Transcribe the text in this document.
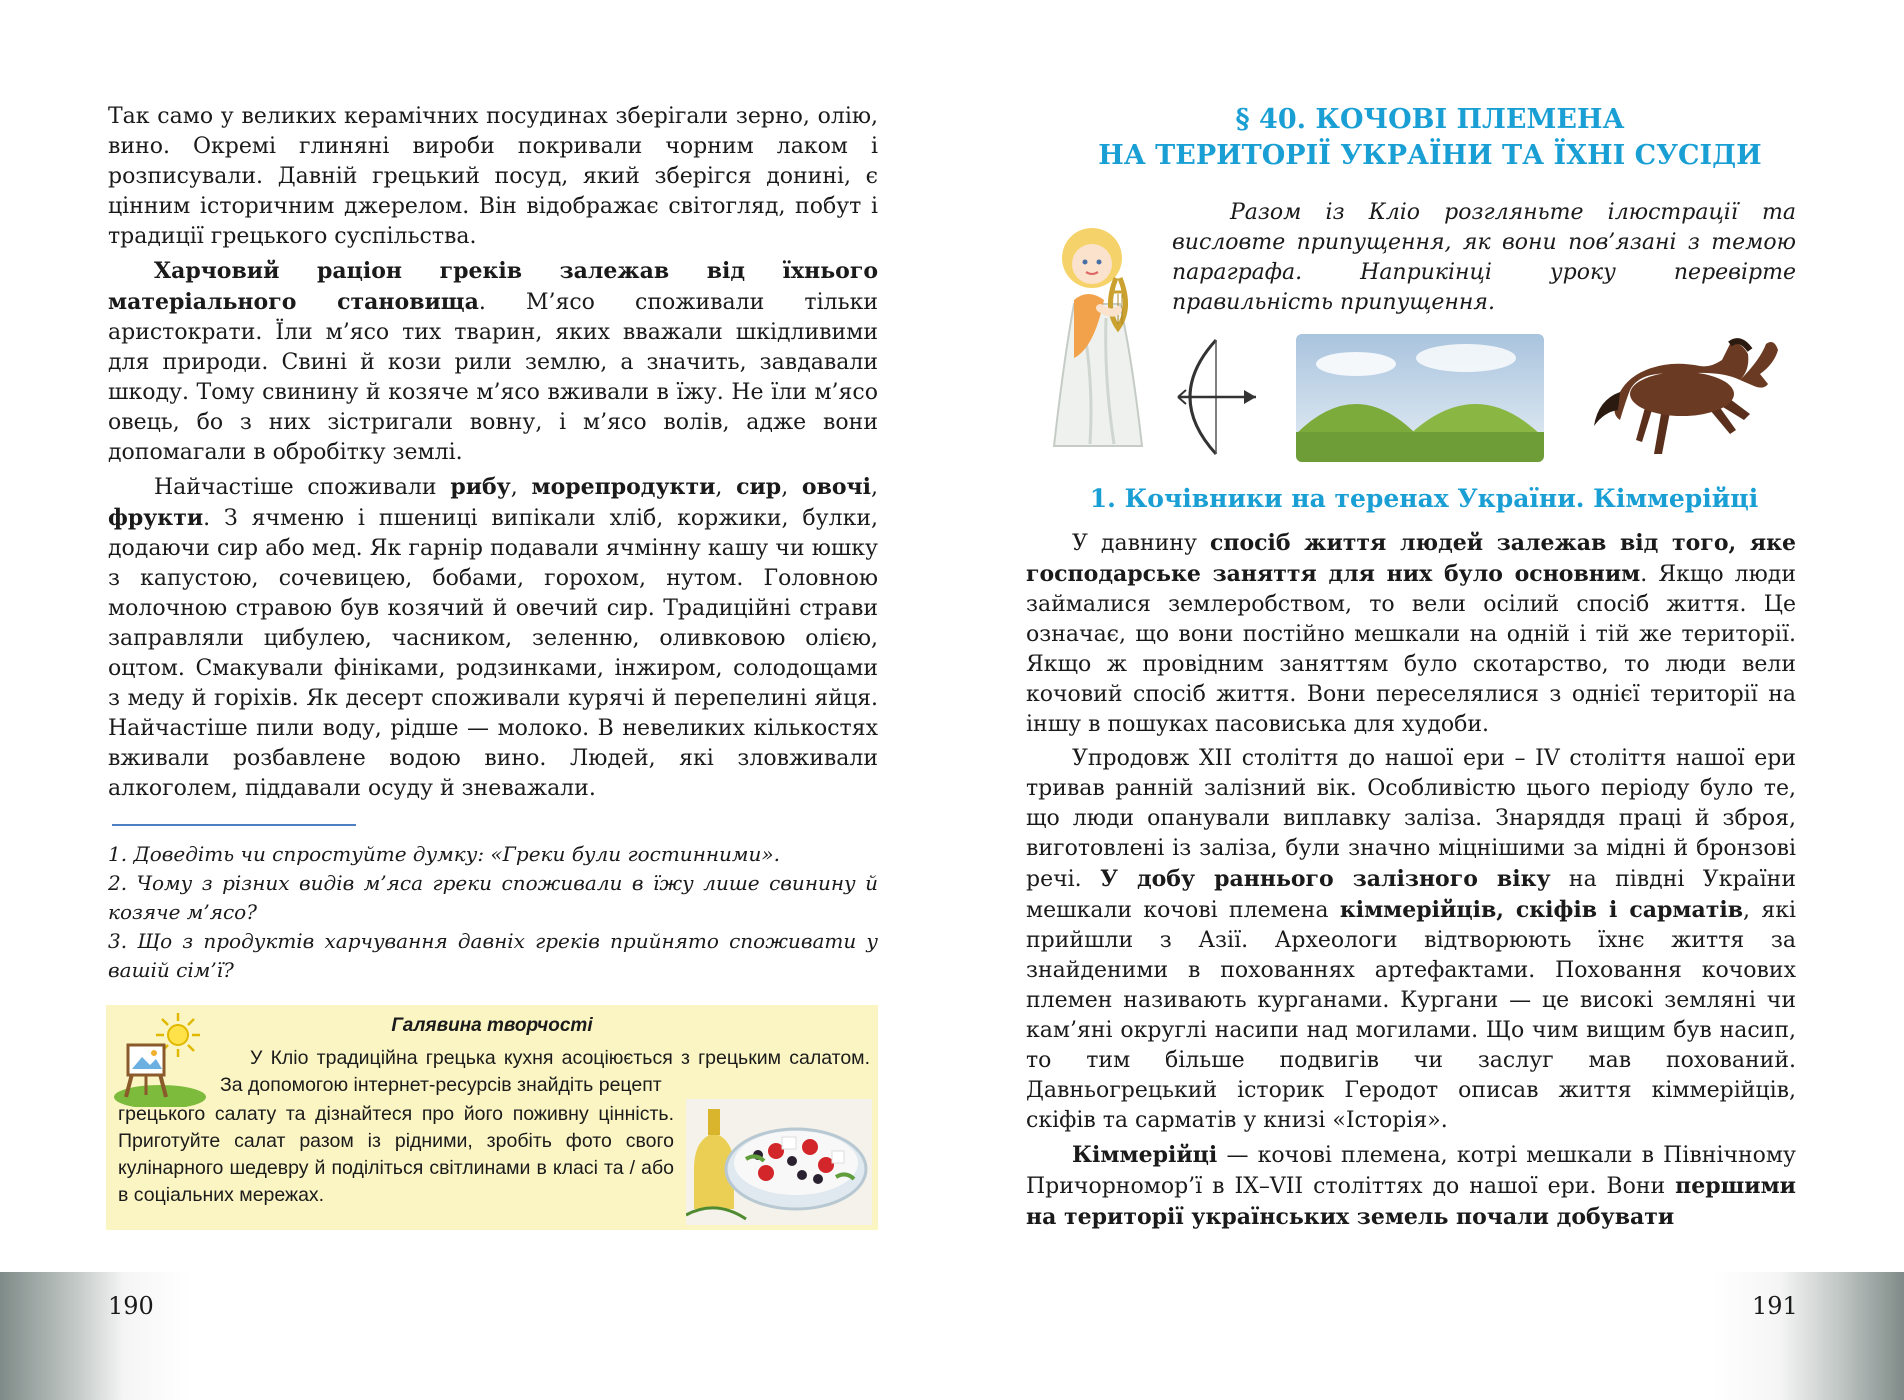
Так само у великих керамічних посудинах зберігали зерно, олію, вино. Окремі глиняні вироби покривали чорним лаком і розписували. Давній грецький посуд, який зберігся донині, є цінним історичним джерелом. Він відображає світогляд, побут і традиції грецького суспільства.

Харчовий раціон греків залежав від їхнього матеріального становища. М’ясо споживали тільки аристократи. Їли м’ясо тих тварин, яких вважали шкідливими для природи. Свині й кози рили землю, а значить, завдавали шкоду. Тому свинину й козяче м’ясо вживали в їжу. Не їли м’ясо овець, бо з них зістригали вовну, і м’ясо волів, адже вони допомагали в обробітку землі.

Найчастіше споживали рибу, морепродукти, сир, овочі, фрукти. З ячменю і пшениці випікали хліб, коржики, булки, додаючи сир або мед. Як гарнір подавали ячмінну кашу чи юшку з капустою, сочевицею, бобами, горохом, нутом. Головною молочною стравою був козячий й овечий сир. Традиційні страви заправляли цибулею, часником, зеленню, оливковою олією, оцтом. Смакували фініками, родзинками, інжиром, солодощами з меду й горіхів. Як десерт споживали курячі й перепелині яйця. Найчастіше пили воду, рідше — молоко. В невеликих кількостях вживали розбавлене водою вино. Людей, які зловживали алкоголем, піддавали осуду й зневажали.

1. Доведіть чи спростуйте думку: «Греки були гостинними».

2. Чому з різних видів м’яса греки споживали в їжу лише свинину й козяче м’ясо?

3. Що з продуктів харчування давніх греків прийнято споживати у вашій сім’ї?

Галявина творчості

У Кліо традиційна грецька кухня асоціюється з грецьким салатом. За допомогою інтернет-ресурсів знайдіть рецепт

грецького салату та дізнайтеся про його поживну цінність. Приготуйте салат разом із рідними, зробіть фото свого кулінарного шедевру й поділіться світлинами в класі та / або в соціальних мережах.

190
§ 40. КОЧОВІ ПЛЕМЕНА
НА ТЕРИТОРІЇ УКРАЇНИ ТА ЇХНІ СУСІДИ

Разом із Кліо розгляньте ілюстрації та висловте припущення, як вони пов’язані з темою параграфа. Наприкінці уроку перевірте правильність припущення.

1. Кочівники на теренах України. Кіммерійці

У давнину спосіб життя людей залежав від того, яке господарське заняття для них було основним. Якщо люди займалися землеробством, то вели осілий спосіб життя. Це означає, що вони постійно мешкали на одній і тій же території. Якщо ж провідним заняттям було скотарство, то люди вели кочовий спосіб життя. Вони переселялися з однієї території на іншу в пошуках пасовиська для худоби.

Упродовж XII століття до нашої ери – IV століття нашої ери тривав ранній залізний вік. Особливістю цього періоду було те, що люди опанували виплавку заліза. Знаряддя праці й зброя, виготовлені із заліза, були значно міцнішими за мідні й бронзові речі. У добу раннього залізного віку на півдні України мешкали кочові племена кіммерійців, скіфів і сарматів, які прийшли з Азії. Археологи відтворюють їхнє життя за знайденими в похованнях артефактами. Поховання кочових племен називають курганами. Кургани — це високі земляні чи кам’яні округлі насипи над могилами. Що чим вищим був насип, то тим більше подвигів чи заслуг мав похований. Давньогрецький історик Геродот описав життя кіммерійців, скіфів та сарматів у книзі «Історія».

Кіммерійці — кочові племена, котрі мешкали в Північному Причорномор’ї в IX–VII століттях до нашої ери. Вони першими на території українських земель почали добувати

191
